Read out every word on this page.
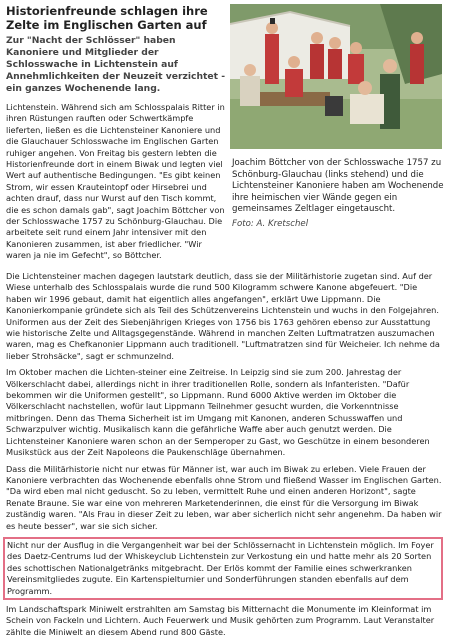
Historienfreunde schlagen ihre Zelte im Englischen Garten auf

Zur "Nacht der Schlösser" haben Kanoniere und Mitglieder der Schlosswache in Lichtenstein auf Annehmlichkeiten der Neuzeit verzichtet - ein ganzes Wochenende lang.

Lichtenstein. Während sich am Schlosspalais Ritter in ihren Rüstungen rauften oder Schwertkämpfe lieferten, ließen es die Lichtensteiner Kanoniere und die Glauchauer Schlosswache im Englischen Garten ruhiger angehen. Von Freitag bis gestern lebten die Historienfreunde dort in einem Biwak und legten viel Wert auf authentische Bedingungen. "Es gibt keinen Strom, wir essen Krauteintopf oder Hirsebrei und achten drauf, dass nur Wurst auf den Tisch kommt, die es schon damals gab", sagt Joachim Böttcher von der Schlosswache 1757 zu Schönburg-Glauchau. Die arbeitete seit rund einem Jahr intensiver mit den Kanonieren zusammen, ist aber friedlicher. "Wir waren ja nie im Gefecht", so Böttcher.

Joachim Böttcher von der Schlosswache 1757 zu Schönburg-Glauchau (links stehend) und die Lichtensteiner Kanoniere haben am Wochenende ihre heimischen vier Wände gegen ein gemeinsames Zeltlager eingetauscht.
Foto: A. Kretschel

Die Lichtensteiner machen dagegen lautstark deutlich, dass sie der Militärhistorie zugetan sind. Auf der Wiese unterhalb des Schlosspalais wurde die rund 500 Kilogramm schwere Kanone abgefeuert. "Die haben wir 1996 gebaut, damit hat eigentlich alles angefangen", erklärt Uwe Lippmann. Die Kanonierkompanie gründete sich als Teil des Schützenvereins Lichtenstein und wuchs in den Folgejahren. Uniformen aus der Zeit des Siebenjährigen Krieges von 1756 bis 1763 gehören ebenso zur Ausstattung wie historische Zelte und Alltagsgegenstände. Während in manchen Zelten Luftmatratzen auszumachen waren, mag es Chefkanonier Lippmann auch traditionell. "Luftmatratzen sind für Weicheier. Ich nehme da lieber Strohsäcke", sagt er schmunzelnd.

Im Oktober machen die Lichten-steiner eine Zeitreise. In Leipzig sind sie zum 200. Jahrestag der Völkerschlacht dabei, allerdings nicht in ihrer traditionellen Rolle, sondern als Infanteristen. "Dafür bekommen wir die Uniformen gestellt", so Lippmann. Rund 6000 Aktive werden im Oktober die Völkerschlacht nachstellen, wofür laut Lippmann Teilnehmer gesucht wurden, die Vorkenntnisse mitbringen. Denn das Thema Sicherheit ist im Umgang mit Kanonen, anderen Schusswaffen und Schwarzpulver wichtig. Musikalisch kann die gefährliche Waffe aber auch genutzt werden. Die Lichtensteiner Kanoniere waren schon an der Semperoper zu Gast, wo Geschütze in einem besonderen Musikstück aus der Zeit Napoleons die Paukenschläge übernahmen.

Dass die Militärhistorie nicht nur etwas für Männer ist, war auch im Biwak zu erleben. Viele Frauen der Kanoniere verbrachten das Wochenende ebenfalls ohne Strom und fließend Wasser im Englischen Garten. "Da wird eben mal nicht geduscht. So zu leben, vermittelt Ruhe und einen anderen Horizont", sagte Renate Braune. Sie war eine von mehreren Marketenderinnen, die einst für die Versorgung im Biwak zuständig waren. "Als Frau in dieser Zeit zu leben, war aber sicherlich nicht sehr angenehm. Da haben wir es heute besser", war sie sich sicher.

Nicht nur der Ausflug in die Vergangenheit war bei der Schlössernacht in Lichtenstein möglich. Im Foyer des Daetz-Centrums lud der Whiskeyclub Lichtenstein zur Verkostung ein und hatte mehr als 20 Sorten des schottischen Nationalgetränks mitgebracht. Der Erlös kommt der Familie eines schwerkranken Vereinsmitgliedes zugute. Ein Kartenspielturnier und Sonderführungen standen ebenfalls auf dem Programm.

Im Landschaftspark Miniwelt erstrahlten am Samstag bis Mitternacht die Monumente im Kleinformat im Schein von Fackeln und Lichtern. Auch Feuerwerk und Musik gehörten zum Programm. Laut Veranstalter zählte die Miniwelt an diesem Abend rund 800 Gäste.
